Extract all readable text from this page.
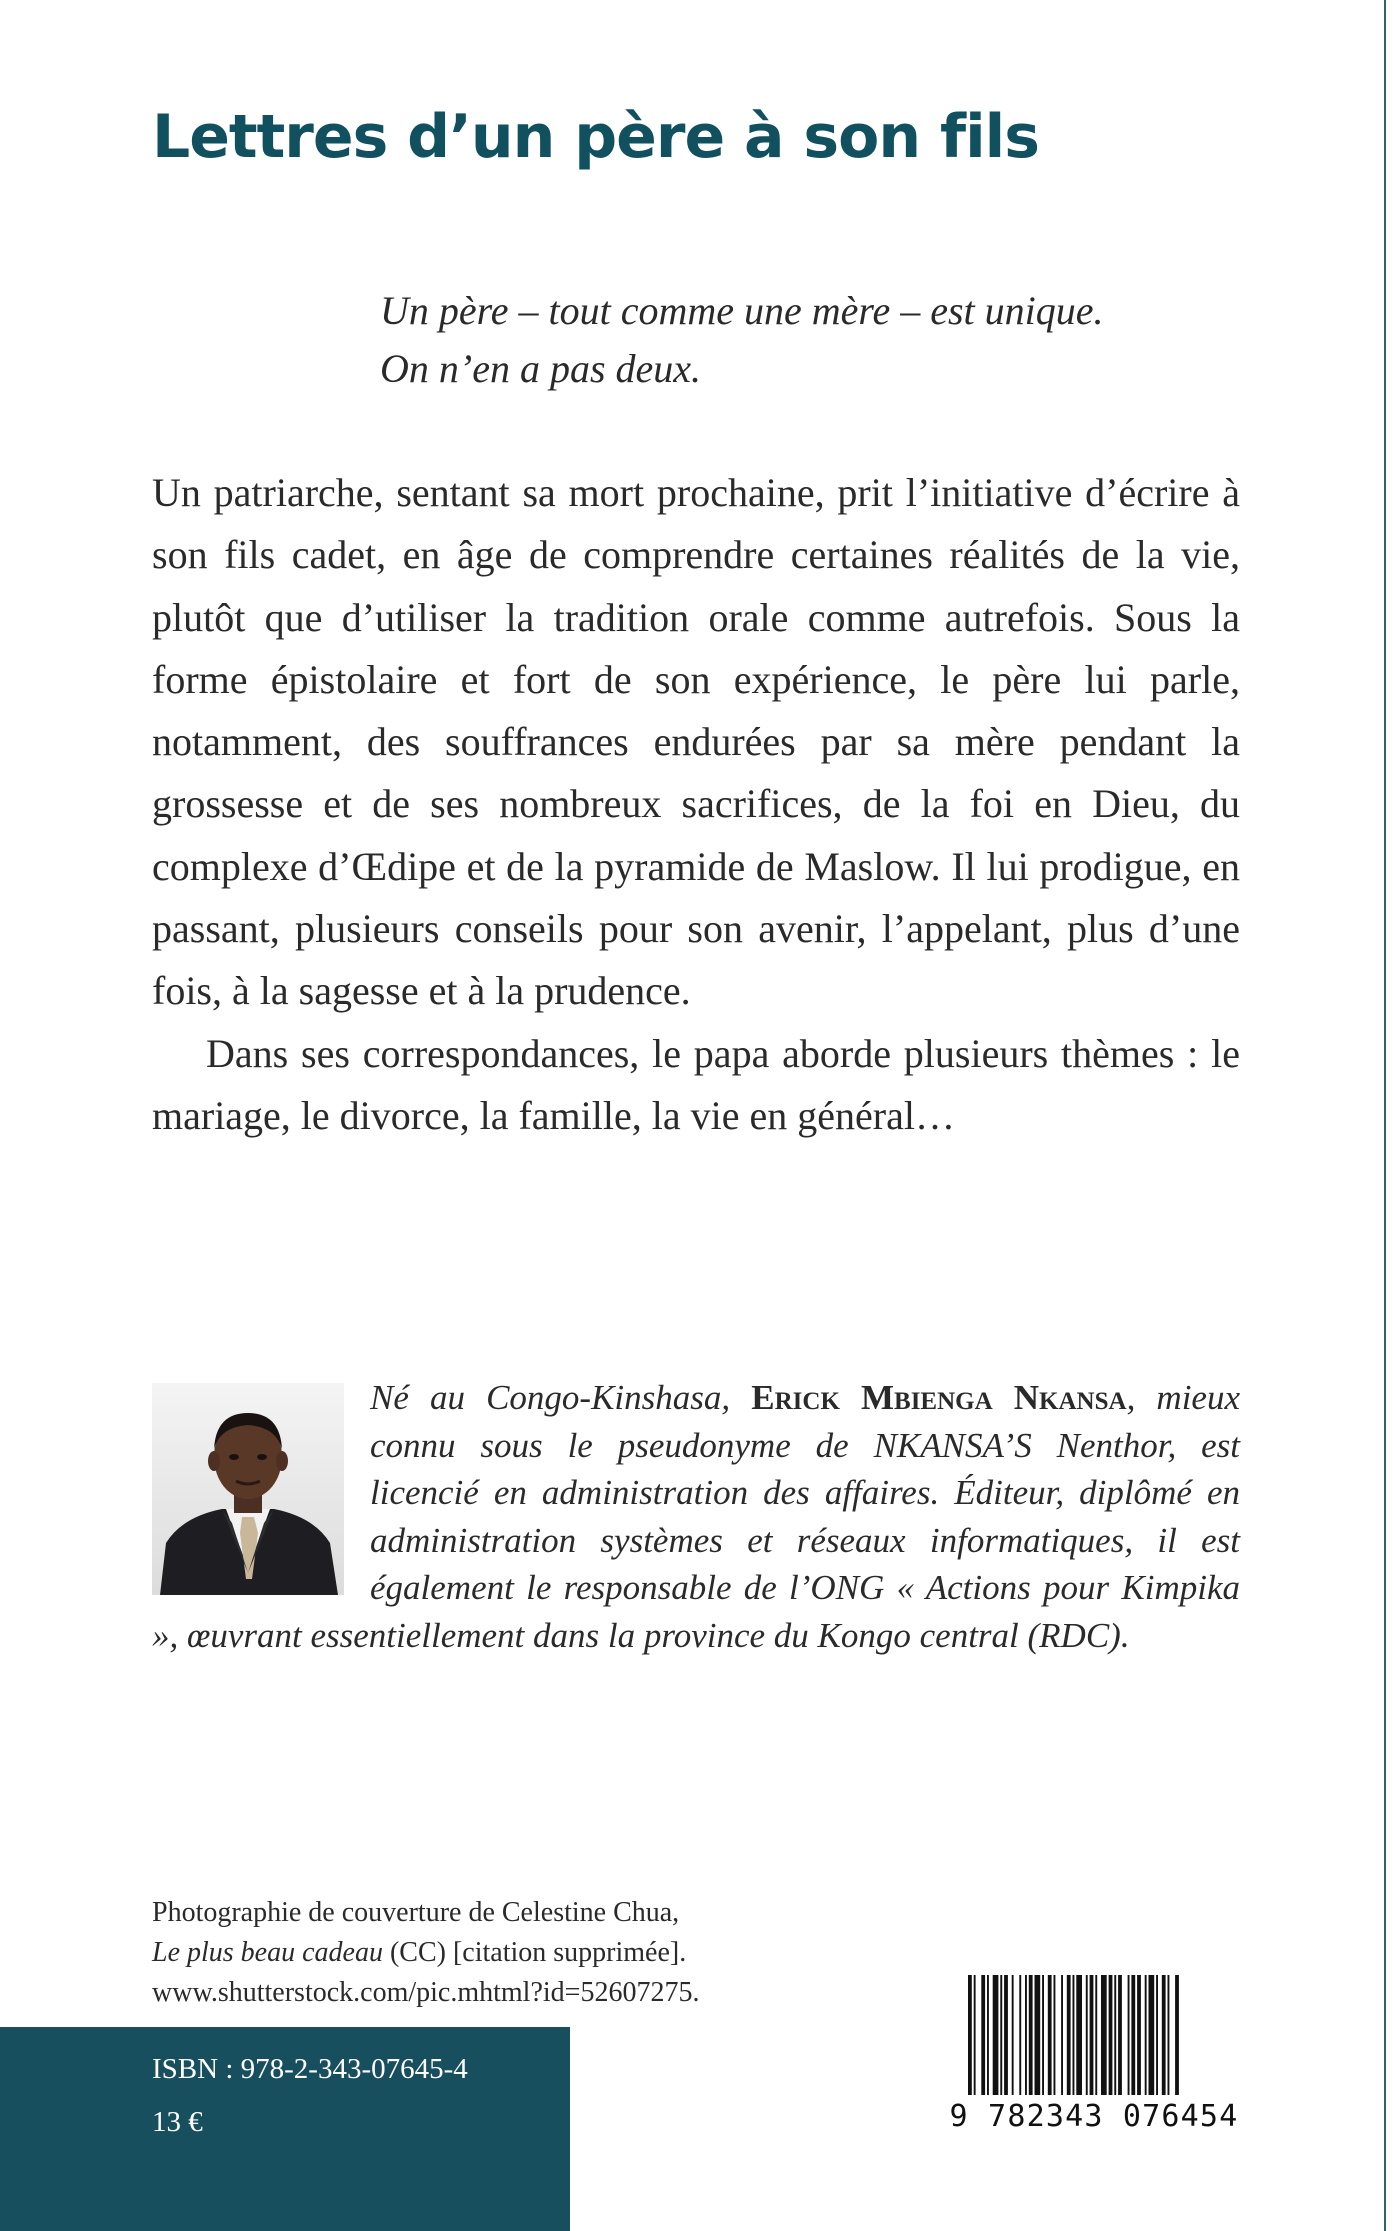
Lettres d’un père à son fils
Un père – tout comme une mère – est unique.
On n’en a pas deux.

Un patriarche, sentant sa mort prochaine, prit l’initiative d’écrire à son fils cadet, en âge de comprendre certaines réalités de la vie, plutôt que d’utiliser la tradition orale comme autrefois. Sous la forme épistolaire et fort de son expérience, le père lui parle, notamment, des souffrances endurées par sa mère pendant la grossesse et de ses nombreux sacrifices, de la foi en Dieu, du complexe d’Œdipe et de la pyramide de Maslow. Il lui prodigue, en passant, plusieurs conseils pour son avenir, l’appelant, plus d’une fois, à la sagesse et à la prudence.

Dans ses correspondances, le papa aborde plusieurs thèmes : le mariage, le divorce, la famille, la vie en général…

Né au Congo-Kinshasa, Erick Mbienga Nkansa, mieux connu sous le pseudonyme de NKANSA’S Nenthor, est licencié en administration des affaires. Éditeur, diplômé en administration systèmes et réseaux informatiques, il est également le responsable de l’ONG « Actions pour Kimpika », œuvrant essentiellement dans la province du Kongo central (RDC).
Photographie de couverture de Celestine Chua,
Le plus beau cadeau (CC) [citation supprimée].
www.shutterstock.com/pic.mhtml?id=52607275.
ISBN : 978-2-343-07645-4
13 €	9 782343 076454
